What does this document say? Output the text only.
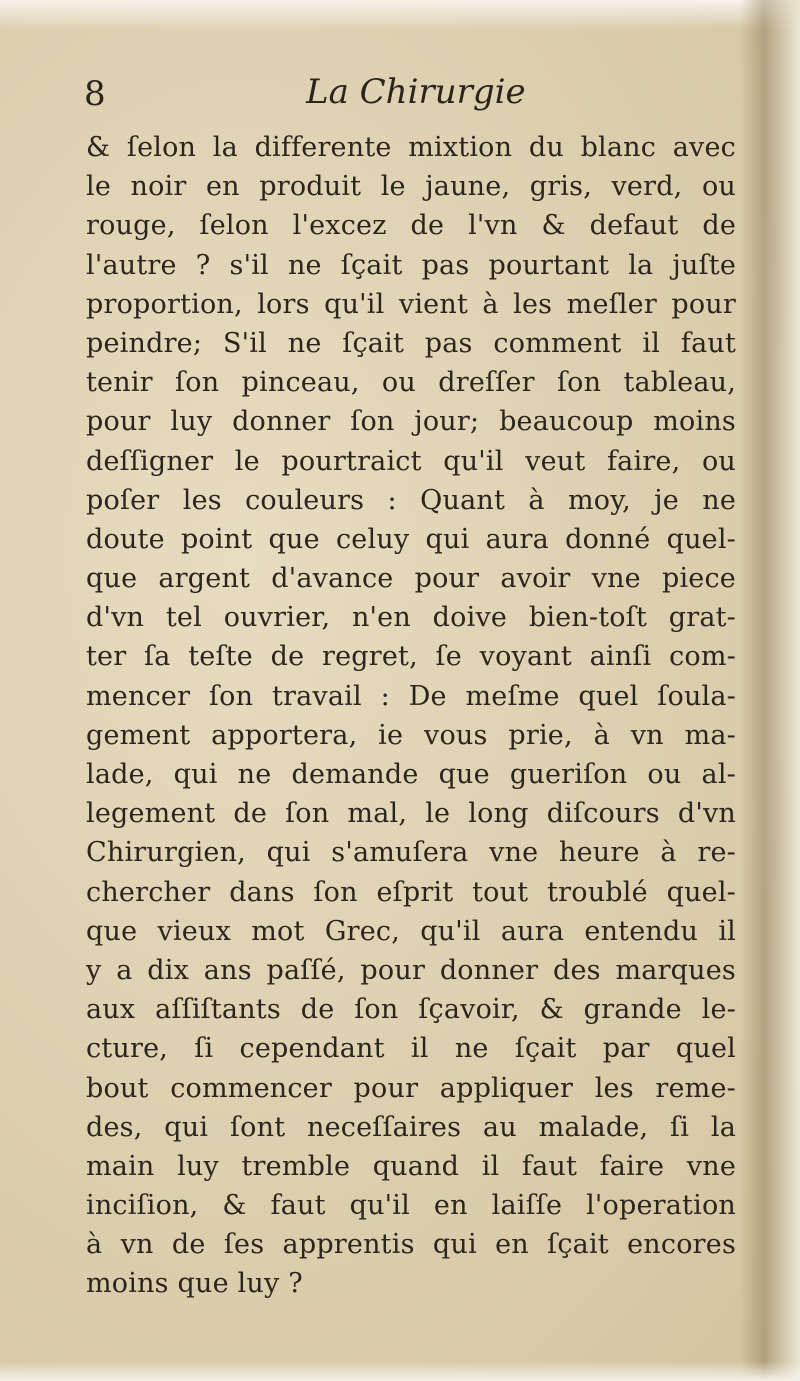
8	La Chirurgie
& ſelon la differente mixtion du blanc avec
le noir en produit le jaune, gris, verd, ou
rouge, ſelon l'excez de l'vn & defaut de
l'autre ? s'il ne ſçait pas pourtant la juſte
proportion, lors qu'il vient à les meſler pour
peindre; S'il ne ſçait pas comment il faut
tenir ſon pinceau, ou dreſſer ſon tableau,
pour luy donner ſon jour; beaucoup moins
deſſigner le pourtraict qu'il veut faire, ou
poſer les couleurs : Quant à moy, je ne
doute point que celuy qui aura donné quel-
que argent d'avance pour avoir vne piece
d'vn tel ouvrier, n'en doive bien-toſt grat-
ter ſa teſte de regret, ſe voyant ainſi com-
mencer ſon travail : De meſme quel ſoula-
gement apportera, ie vous prie, à vn ma-
lade, qui ne demande que gueriſon ou al-
legement de ſon mal, le long diſcours d'vn
Chirurgien, qui s'amuſera vne heure à re-
chercher dans ſon eſprit tout troublé quel-
que vieux mot Grec, qu'il aura entendu il
y a dix ans paſſé, pour donner des marques
aux aſſiſtants de ſon ſçavoir, & grande le-
cture, ſi cependant il ne ſçait par quel
bout commencer pour appliquer les reme-
des, qui ſont neceſſaires au malade, ſi la
main luy tremble quand il faut faire vne
inciſion, & faut qu'il en laiſſe l'operation
à vn de ſes apprentis qui en ſçait encores
moins que luy ?
